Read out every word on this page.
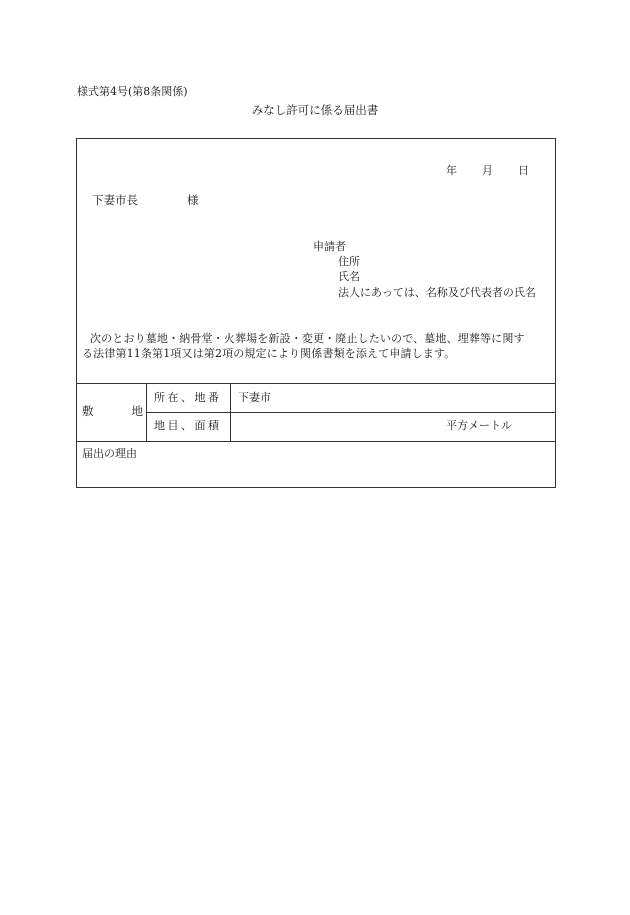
様式第4号(第8条関係)
みなし許可に係る届出書
年 月 日
下妻市長	様
申請者
住所
氏名
法人にあっては、名称及び代表者の氏名
次のとおり墓地・納骨堂・火葬場を新設・変更・廃止したいので、墓地、埋葬等に関す
る法律第11条第1項又は第2項の規定により関係書類を添えて申請します。
敷	地
所在、地番 下妻市
地目、面積	平方メートル
届出の理由
